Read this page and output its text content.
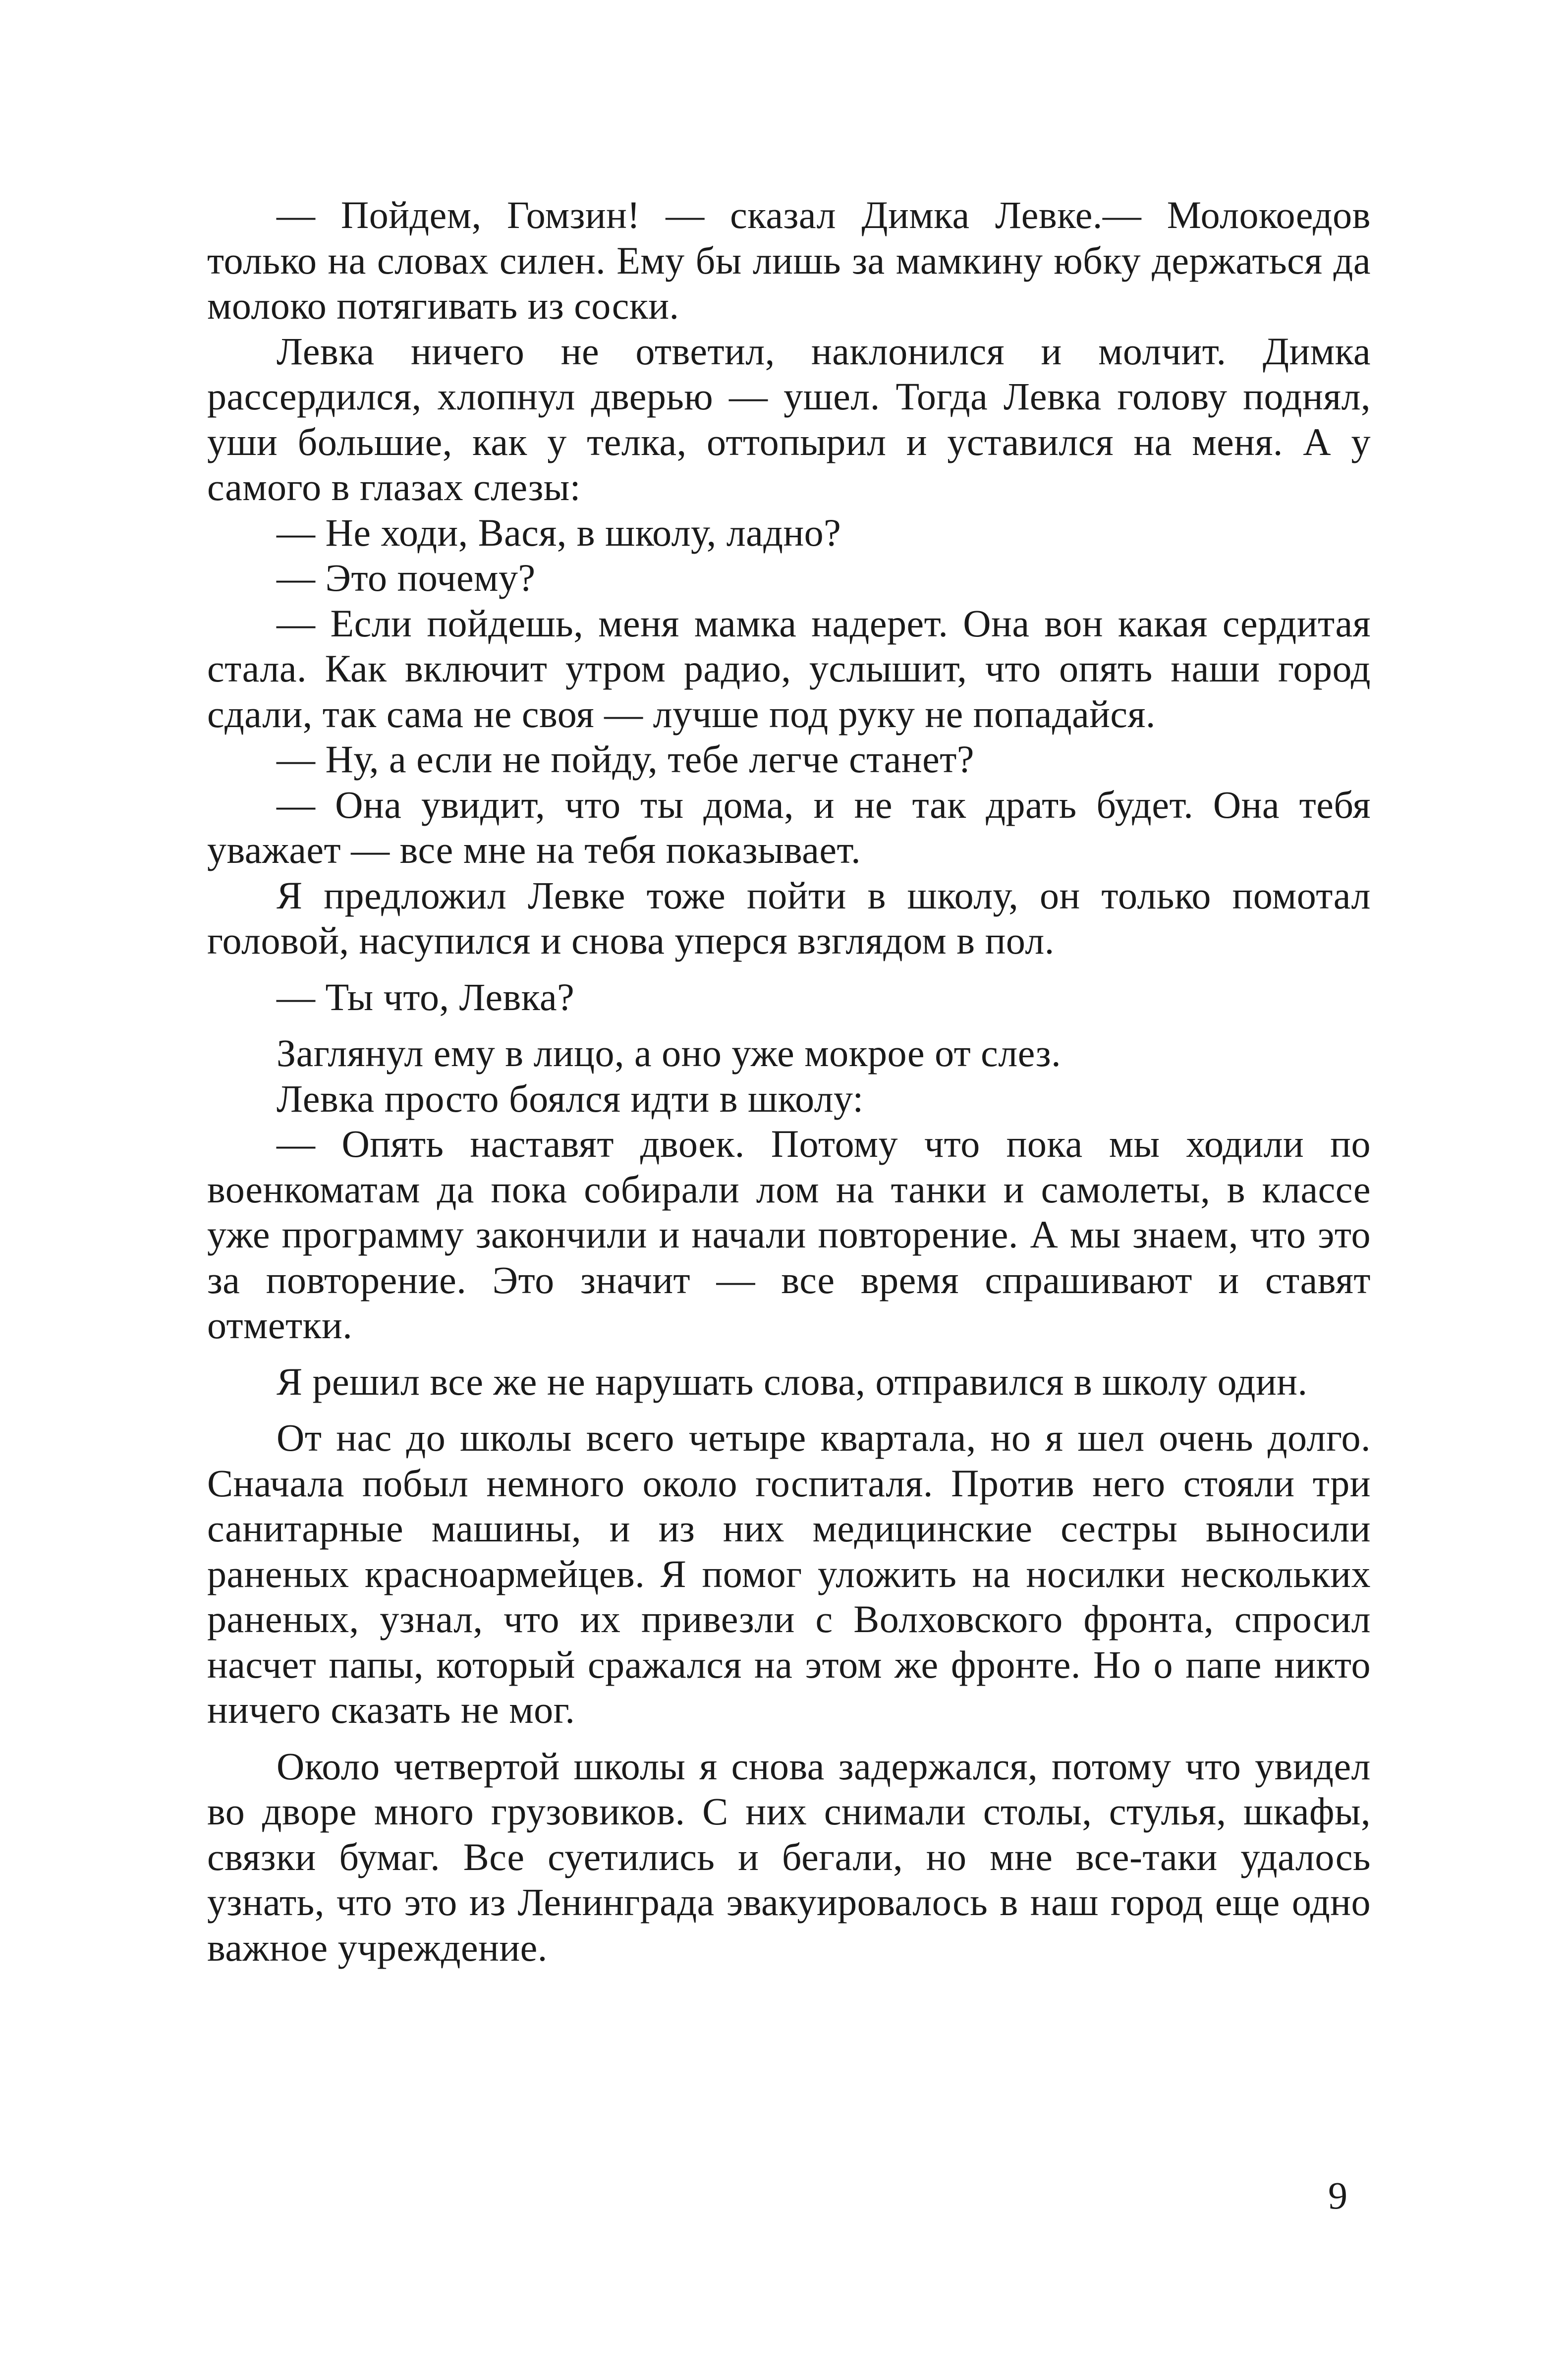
— Пойдем, Гомзин! — сказал Димка Левке.— Молокоедов только на словах силен. Ему бы лишь за мамкину юбку держаться да молоко потягивать из соски.

Левка ничего не ответил, наклонился и молчит. Димка рассердился, хлопнул дверью — ушел. Тогда Левка голову поднял, уши большие, как у телка, оттопырил и уставился на меня. А у самого в глазах слезы:

— Не ходи, Вася, в школу, ладно?

— Это почему?

— Если пойдешь, меня мамка надерет. Она вон какая сердитая стала. Как включит утром радио, услышит, что опять наши город сдали, так сама не своя — лучше под руку не попадайся.

— Ну, а если не пойду, тебе легче станет?

— Она увидит, что ты дома, и не так драть будет. Она тебя уважает — все мне на тебя показывает.

Я предложил Левке тоже пойти в школу, он только помотал головой, насупился и снова уперся взглядом в пол.

— Ты что, Левка?

Заглянул ему в лицо, а оно уже мокрое от слез.

Левка просто боялся идти в школу:

— Опять наставят двоек. Потому что пока мы ходили по военкоматам да пока собирали лом на танки и самолеты, в классе уже программу закончили и начали повторение. А мы знаем, что это за повторение. Это значит — все время спрашивают и ставят отметки.

Я решил все же не нарушать слова, отправился в школу один.

От нас до школы всего четыре квартала, но я шел очень долго. Сначала побыл немного около госпиталя. Против него стояли три санитарные машины, и из них медицинские сестры выносили раненых красноармейцев. Я помог уложить на носилки нескольких раненых, узнал, что их привезли с Волховского фронта, спросил насчет папы, который сражался на этом же фронте. Но о папе никто ничего сказать не мог.

Около четвертой школы я снова задержался, потому что увидел во дворе много грузовиков. С них снимали столы, стулья, шкафы, связки бумаг. Все суетились и бегали, но мне все-таки удалось узнать, что это из Ленинграда эвакуировалось в наш город еще одно важное учреждение.

9
